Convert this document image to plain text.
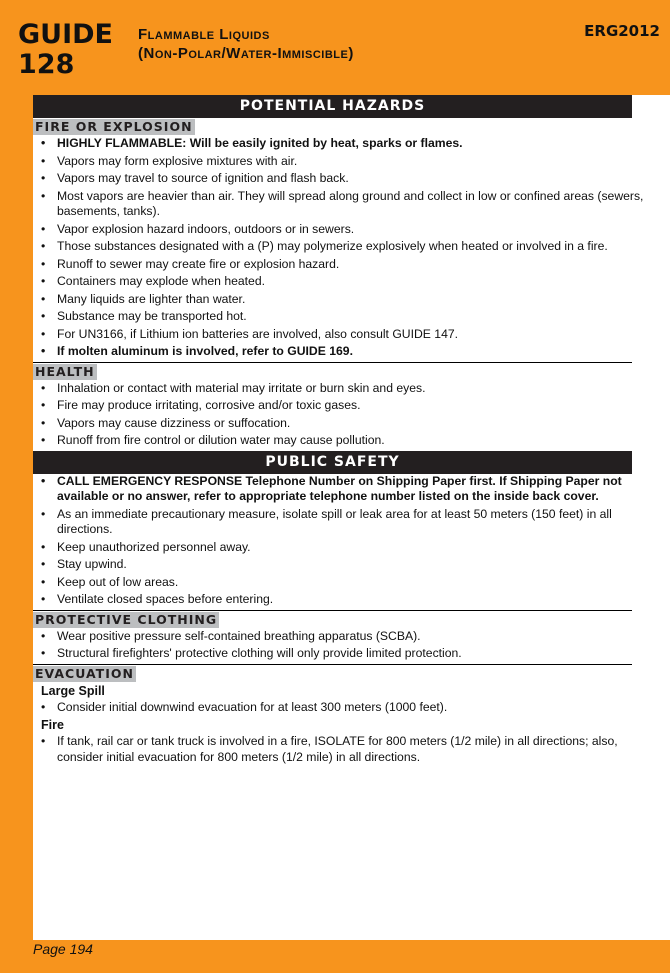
GUIDE
128
Flammable Liquids
(Non-Polar/Water-Immiscible)
ERG2012
POTENTIAL HAZARDS
FIRE OR EXPLOSION
• HIGHLY FLAMMABLE: Will be easily ignited by heat, sparks or flames.
• Vapors may form explosive mixtures with air.
• Vapors may travel to source of ignition and flash back.
• Most vapors are heavier than air. They will spread along ground and collect in low or confined areas (sewers, basements, tanks).
• Vapor explosion hazard indoors, outdoors or in sewers.
• Those substances designated with a (P) may polymerize explosively when heated or involved in a fire.
• Runoff to sewer may create fire or explosion hazard.
• Containers may explode when heated.
• Many liquids are lighter than water.
• Substance may be transported hot.
• For UN3166, if Lithium ion batteries are involved, also consult GUIDE 147.
• If molten aluminum is involved, refer to GUIDE 169.
HEALTH
• Inhalation or contact with material may irritate or burn skin and eyes.
• Fire may produce irritating, corrosive and/or toxic gases.
• Vapors may cause dizziness or suffocation.
• Runoff from fire control or dilution water may cause pollution.
PUBLIC SAFETY
• CALL EMERGENCY RESPONSE Telephone Number on Shipping Paper first. If Shipping Paper not available or no answer, refer to appropriate telephone number listed on the inside back cover.
• As an immediate precautionary measure, isolate spill or leak area for at least 50 meters (150 feet) in all directions.
• Keep unauthorized personnel away.
• Stay upwind.
• Keep out of low areas.
• Ventilate closed spaces before entering.
PROTECTIVE CLOTHING
• Wear positive pressure self-contained breathing apparatus (SCBA).
• Structural firefighters' protective clothing will only provide limited protection.
EVACUATION
Large Spill
• Consider initial downwind evacuation for at least 300 meters (1000 feet).
Fire
• If tank, rail car or tank truck is involved in a fire, ISOLATE for 800 meters (1/2 mile) in all directions; also, consider initial evacuation for 800 meters (1/2 mile) in all directions.
Page 194
